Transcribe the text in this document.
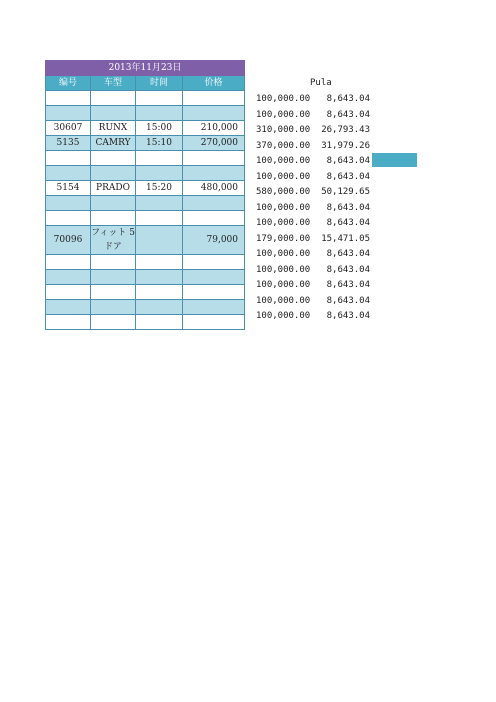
2013年11月23日			
编号	车型	时间	价格

30607	RUNX	15:00	210,000
5135	CAMRY	15:10	270,000

5154	PRADO	15:20	480,000

70096	フィット 5ドア		79,000

Pula
100,000.00	8,643.04
100,000.00	8,643.04
310,000.00	26,793.43
370,000.00	31,979.26
100,000.00	8,643.04
100,000.00	8,643.04
580,000.00	50,129.65
100,000.00	8,643.04
100,000.00	8,643.04
179,000.00	15,471.05
100,000.00	8,643.04
100,000.00	8,643.04
100,000.00	8,643.04
100,000.00	8,643.04
100,000.00	8,643.04
